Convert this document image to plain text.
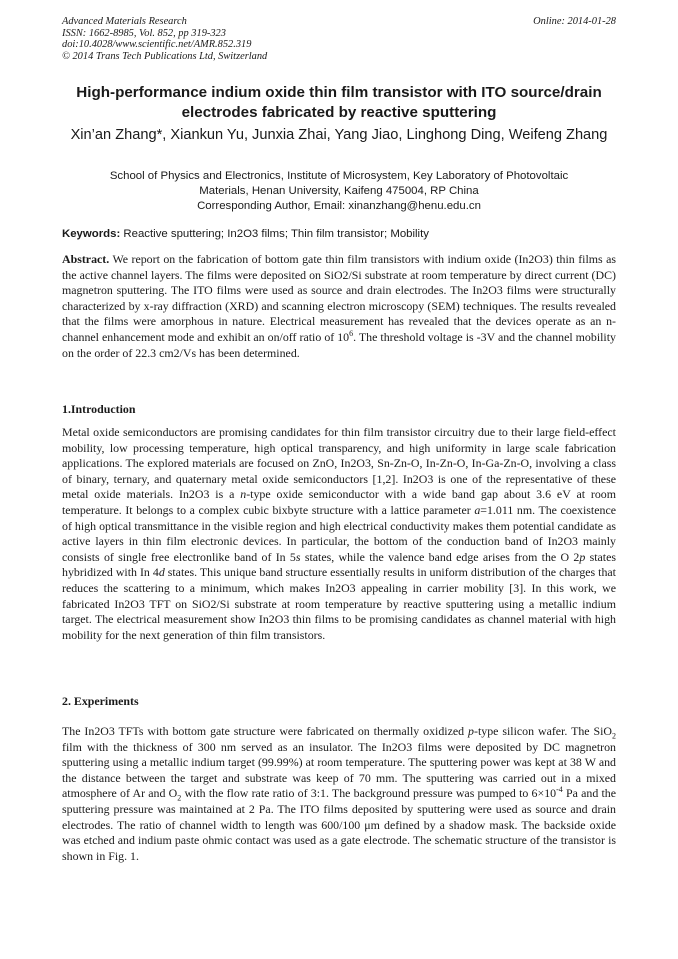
Advanced Materials Research
ISSN: 1662-8985, Vol. 852, pp 319-323
doi:10.4028/www.scientific.net/AMR.852.319
© 2014 Trans Tech Publications Ltd, Switzerland
Online: 2014-01-28
High-performance indium oxide thin film transistor with ITO source/drain electrodes fabricated by reactive sputtering
Xin’an Zhang*, Xiankun Yu, Junxia Zhai, Yang Jiao, Linghong Ding, Weifeng Zhang
School of Physics and Electronics, Institute of Microsystem, Key Laboratory of Photovoltaic
Materials, Henan University, Kaifeng 475004, RP China
Corresponding Author, Email: xinanzhang@henu.edu.cn
Keywords: Reactive sputtering; In2O3 films; Thin film transistor; Mobility
Abstract. We report on the fabrication of bottom gate thin film transistors with indium oxide (In2O3) thin films as the active channel layers. The films were deposited on SiO2/Si substrate at room temperature by direct current (DC) magnetron sputtering. The ITO films were used as source and drain electrodes. The In2O3 films were structurally characterized by x-ray diffraction (XRD) and scanning electron microscopy (SEM) techniques. The results revealed that the films were amorphous in nature. Electrical measurement has revealed that the devices operate as an n-channel enhancement mode and exhibit an on/off ratio of $10^6$. The threshold voltage is -3V and the channel mobility on the order of 22.3 cm2/Vs has been determined.
1.Introduction
Metal oxide semiconductors are promising candidates for thin film transistor circuitry due to their large field-effect mobility, low processing temperature, high optical transparency, and high uniformity in large scale fabrication applications. The explored materials are focused on ZnO, In2O3, Sn-Zn-O, In-Zn-O, In-Ga-Zn-O, involving a class of binary, ternary, and quaternary metal oxide semiconductors [1,2]. In2O3 is one of the representative of these metal oxide materials. In2O3 is a n-type oxide semiconductor with a wide band gap about 3.6 eV at room temperature. It belongs to a complex cubic bixbyte structure with a lattice parameter a=1.011 nm. The coexistence of high optical transmittance in the visible region and high electrical conductivity makes them potential candidate as active layers in thin film electronic devices. In particular, the bottom of the conduction band of In2O3 mainly consists of single free electronlike band of In 5s states, while the valence band edge arises from the O 2p states hybridized with In 4d states. This unique band structure essentially results in uniform distribution of the charges that reduces the scattering to a minimum, which makes In2O3 appealing in carrier mobility [3]. In this work, we fabricated In2O3 TFT on SiO2/Si substrate at room temperature by reactive sputtering using a metallic indium target. The electrical measurement show In2O3 thin films to be promising candidates as channel material with high mobility for the next generation of thin film transistors.
2. Experiments
The In2O3 TFTs with bottom gate structure were fabricated on thermally oxidized p-type silicon wafer. The SiO$_2$ film with the thickness of 300 nm served as an insulator. The In2O3 films were deposited by DC magnetron sputtering using a metallic indium target (99.99%) at room temperature. The sputtering power was kept at 38 W and the distance between the target and substrate was keep of 70 mm. The sputtering was carried out in a mixed atmosphere of Ar and $O_2$ with the flow rate ratio of 3:1. The background pressure was pumped to $6\times 10^{-4}$ Pa and the sputtering pressure was maintained at 2 Pa. The ITO films deposited by sputtering were used as source and drain electrodes. The ratio of channel width to length was 600/100 μm defined by a shadow mask. The backside oxide was etched and indium paste ohmic contact was used as a gate electrode. The schematic structure of the transistor is shown in Fig. 1.
